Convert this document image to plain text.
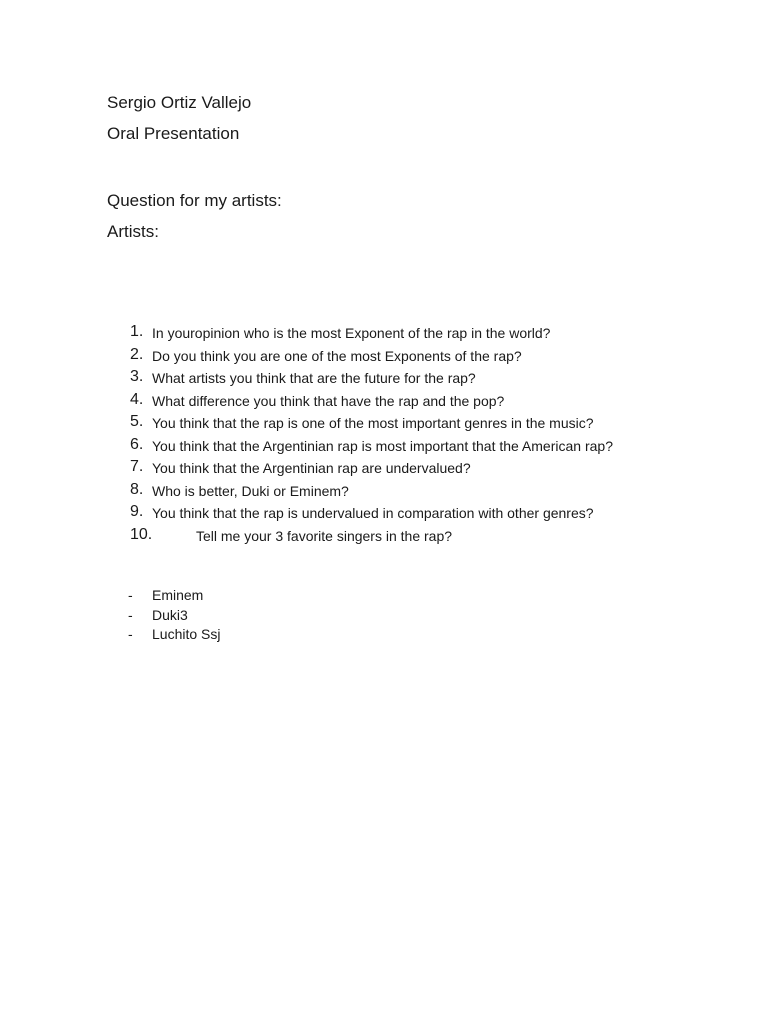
Sergio Ortiz Vallejo
Oral Presentation
Question for my artists:
Artists:
1. In youropinion who is the most Exponent of the rap in the world?
2. Do you think you are one of the most Exponents of the rap?
3. What artists you think that are the future for the rap?
4. What difference you think that have the rap and the pop?
5. You think that the rap is one of the most important genres in the music?
6. You think that the Argentinian rap is most important that the American rap?
7. You think that the Argentinian rap are undervalued?
8. Who is better, Duki or Eminem?
9. You think that the rap is undervalued in comparation with other genres?
10.	Tell me your 3 favorite singers in the rap?
- Eminem
- Duki3
- Luchito Ssj
